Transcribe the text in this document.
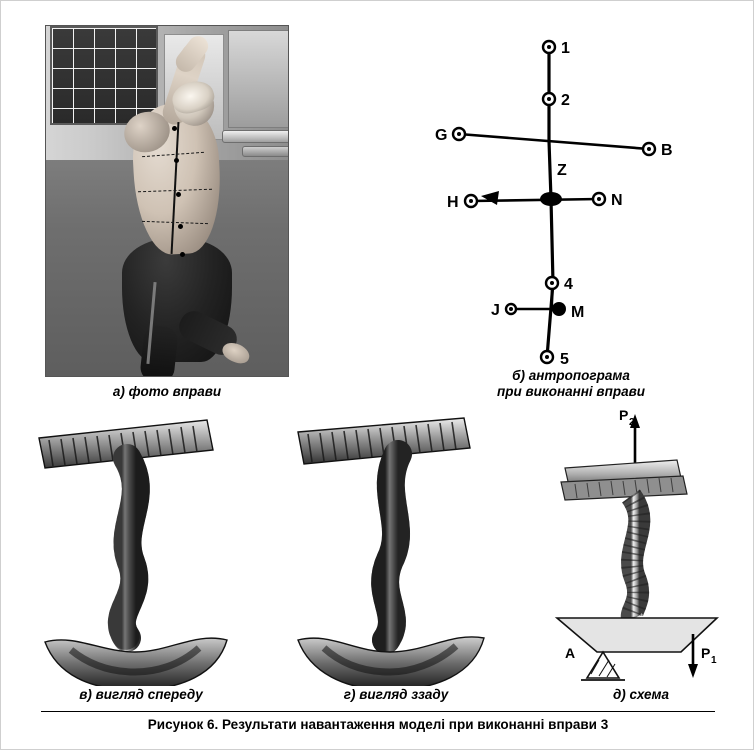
а) фото вправи
1
2
Z
G
B
H	N
4
J	M
5
б) антропограма
при виконанні вправи
в) вигляд спереду	г) вигляд ззаду
P 2
A	P 1
д) схема
Рисунок 6. Результати навантаження моделі при виконанні вправи 3
